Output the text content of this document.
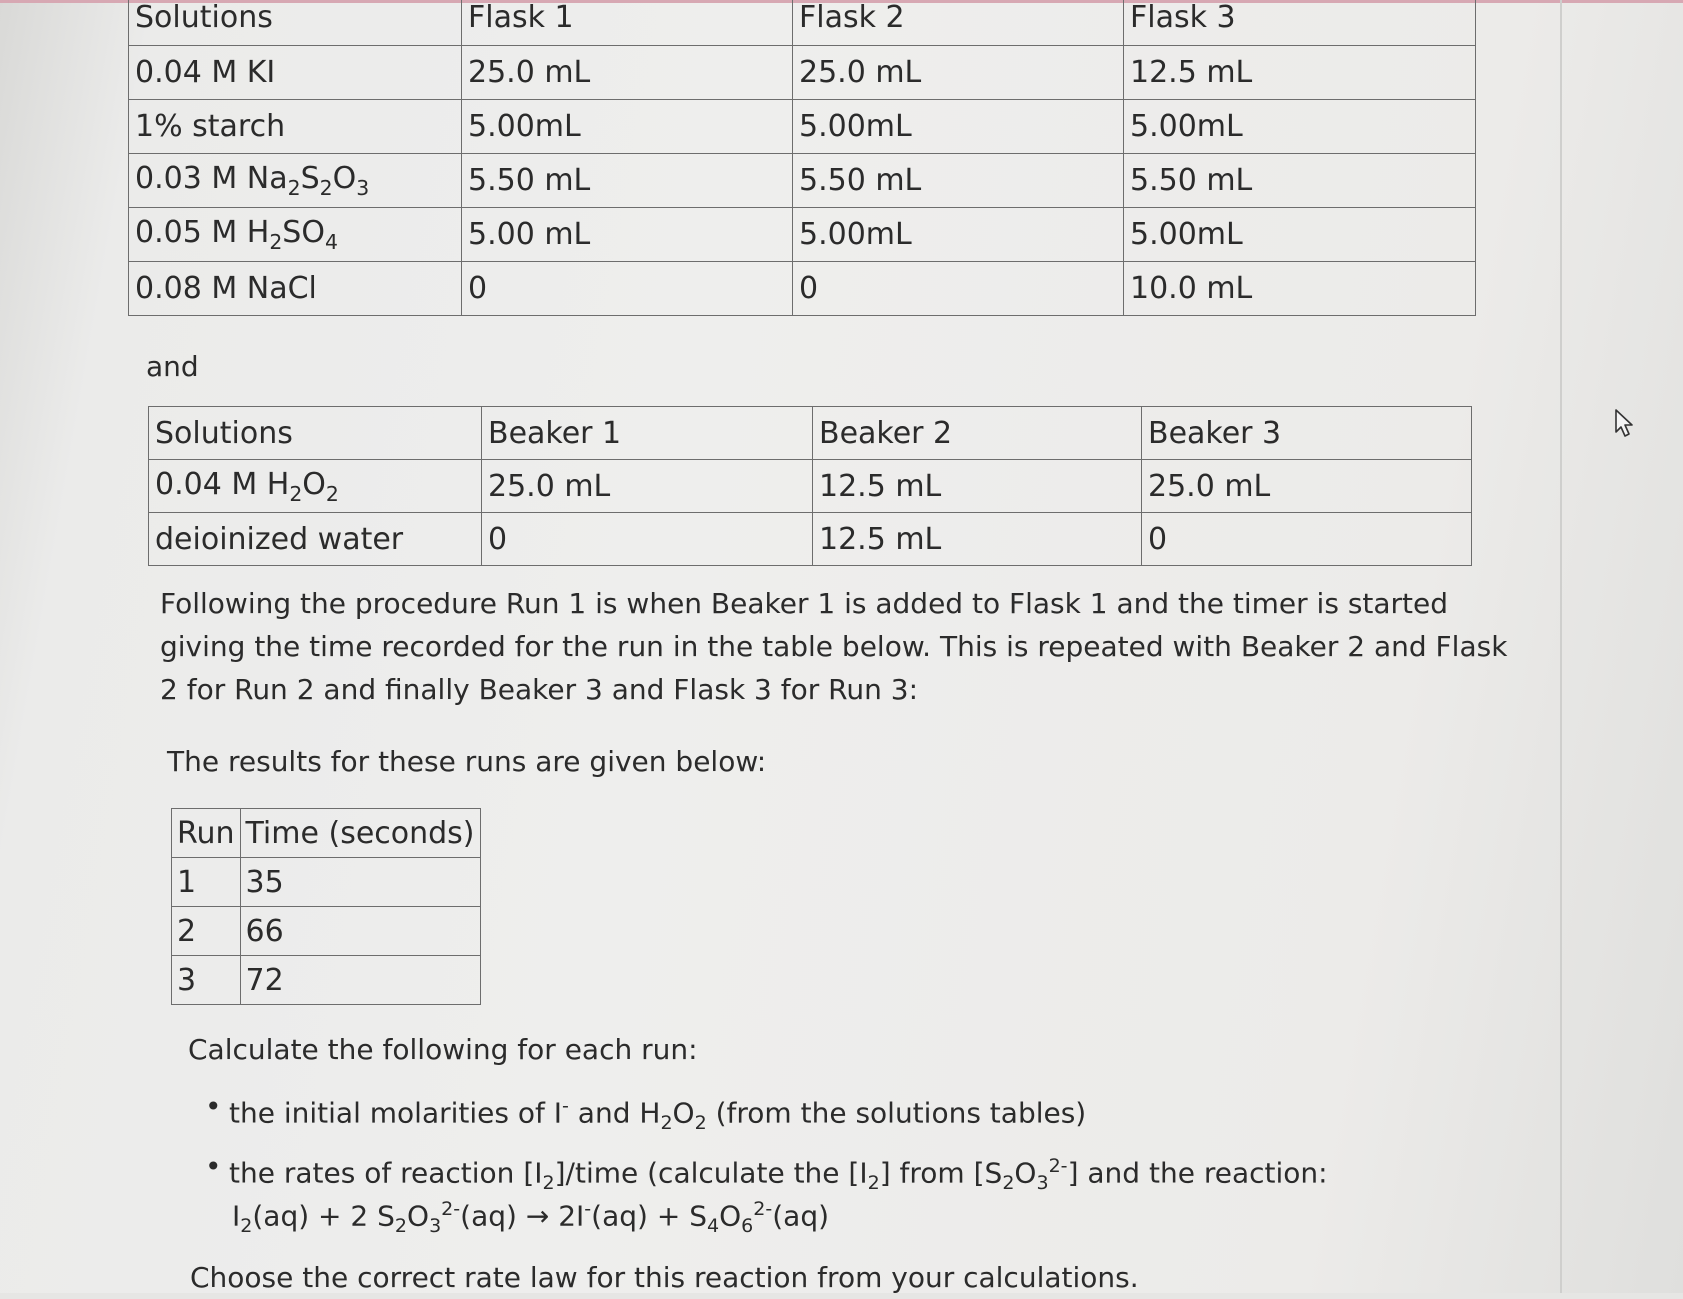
Solutions	Flask 1	Flask 2	Flask 3
0.04 M KI	25.0 mL	25.0 mL	12.5 mL
1% starch	5.00mL	5.00mL	5.00mL
0.03 M $Na_2S_2O_3$	5.50 mL	5.50 mL	5.50 mL
0.05 M $H_2SO_4$	5.00 mL	5.00mL	5.00mL
0.08 M NaCl	0	0	10.0 mL

and

Solutions	Beaker 1	Beaker 2	Beaker 3
0.04 M $H_2O_2$	25.0 mL	12.5 mL	25.0 mL
deioinized water	0	12.5 mL	0

Following the procedure Run 1 is when Beaker 1 is added to Flask 1 and the timer is started giving the time recorded for the run in the table below. This is repeated with Beaker 2 and Flask 2 for Run 2 and finally Beaker 3 and Flask 3 for Run 3:

The results for these runs are given below:

Run	Time (seconds)
1	35
2	66
3	72

Calculate the following for each run:

• the initial molarities of I- and $H_2O_2$ (from the solutions tables)
• the rates of reaction $[I_2]$/time (calculate the $[I_2]$ from $[S_2O_3^{2-}]$ and the reaction:

$I_2(aq) + 2$ $S_2O_3^{2-}(aq) \to 2I^-(aq) + S_4O_6^{2-}(aq)$

Choose the correct rate law for this reaction from your calculations.
